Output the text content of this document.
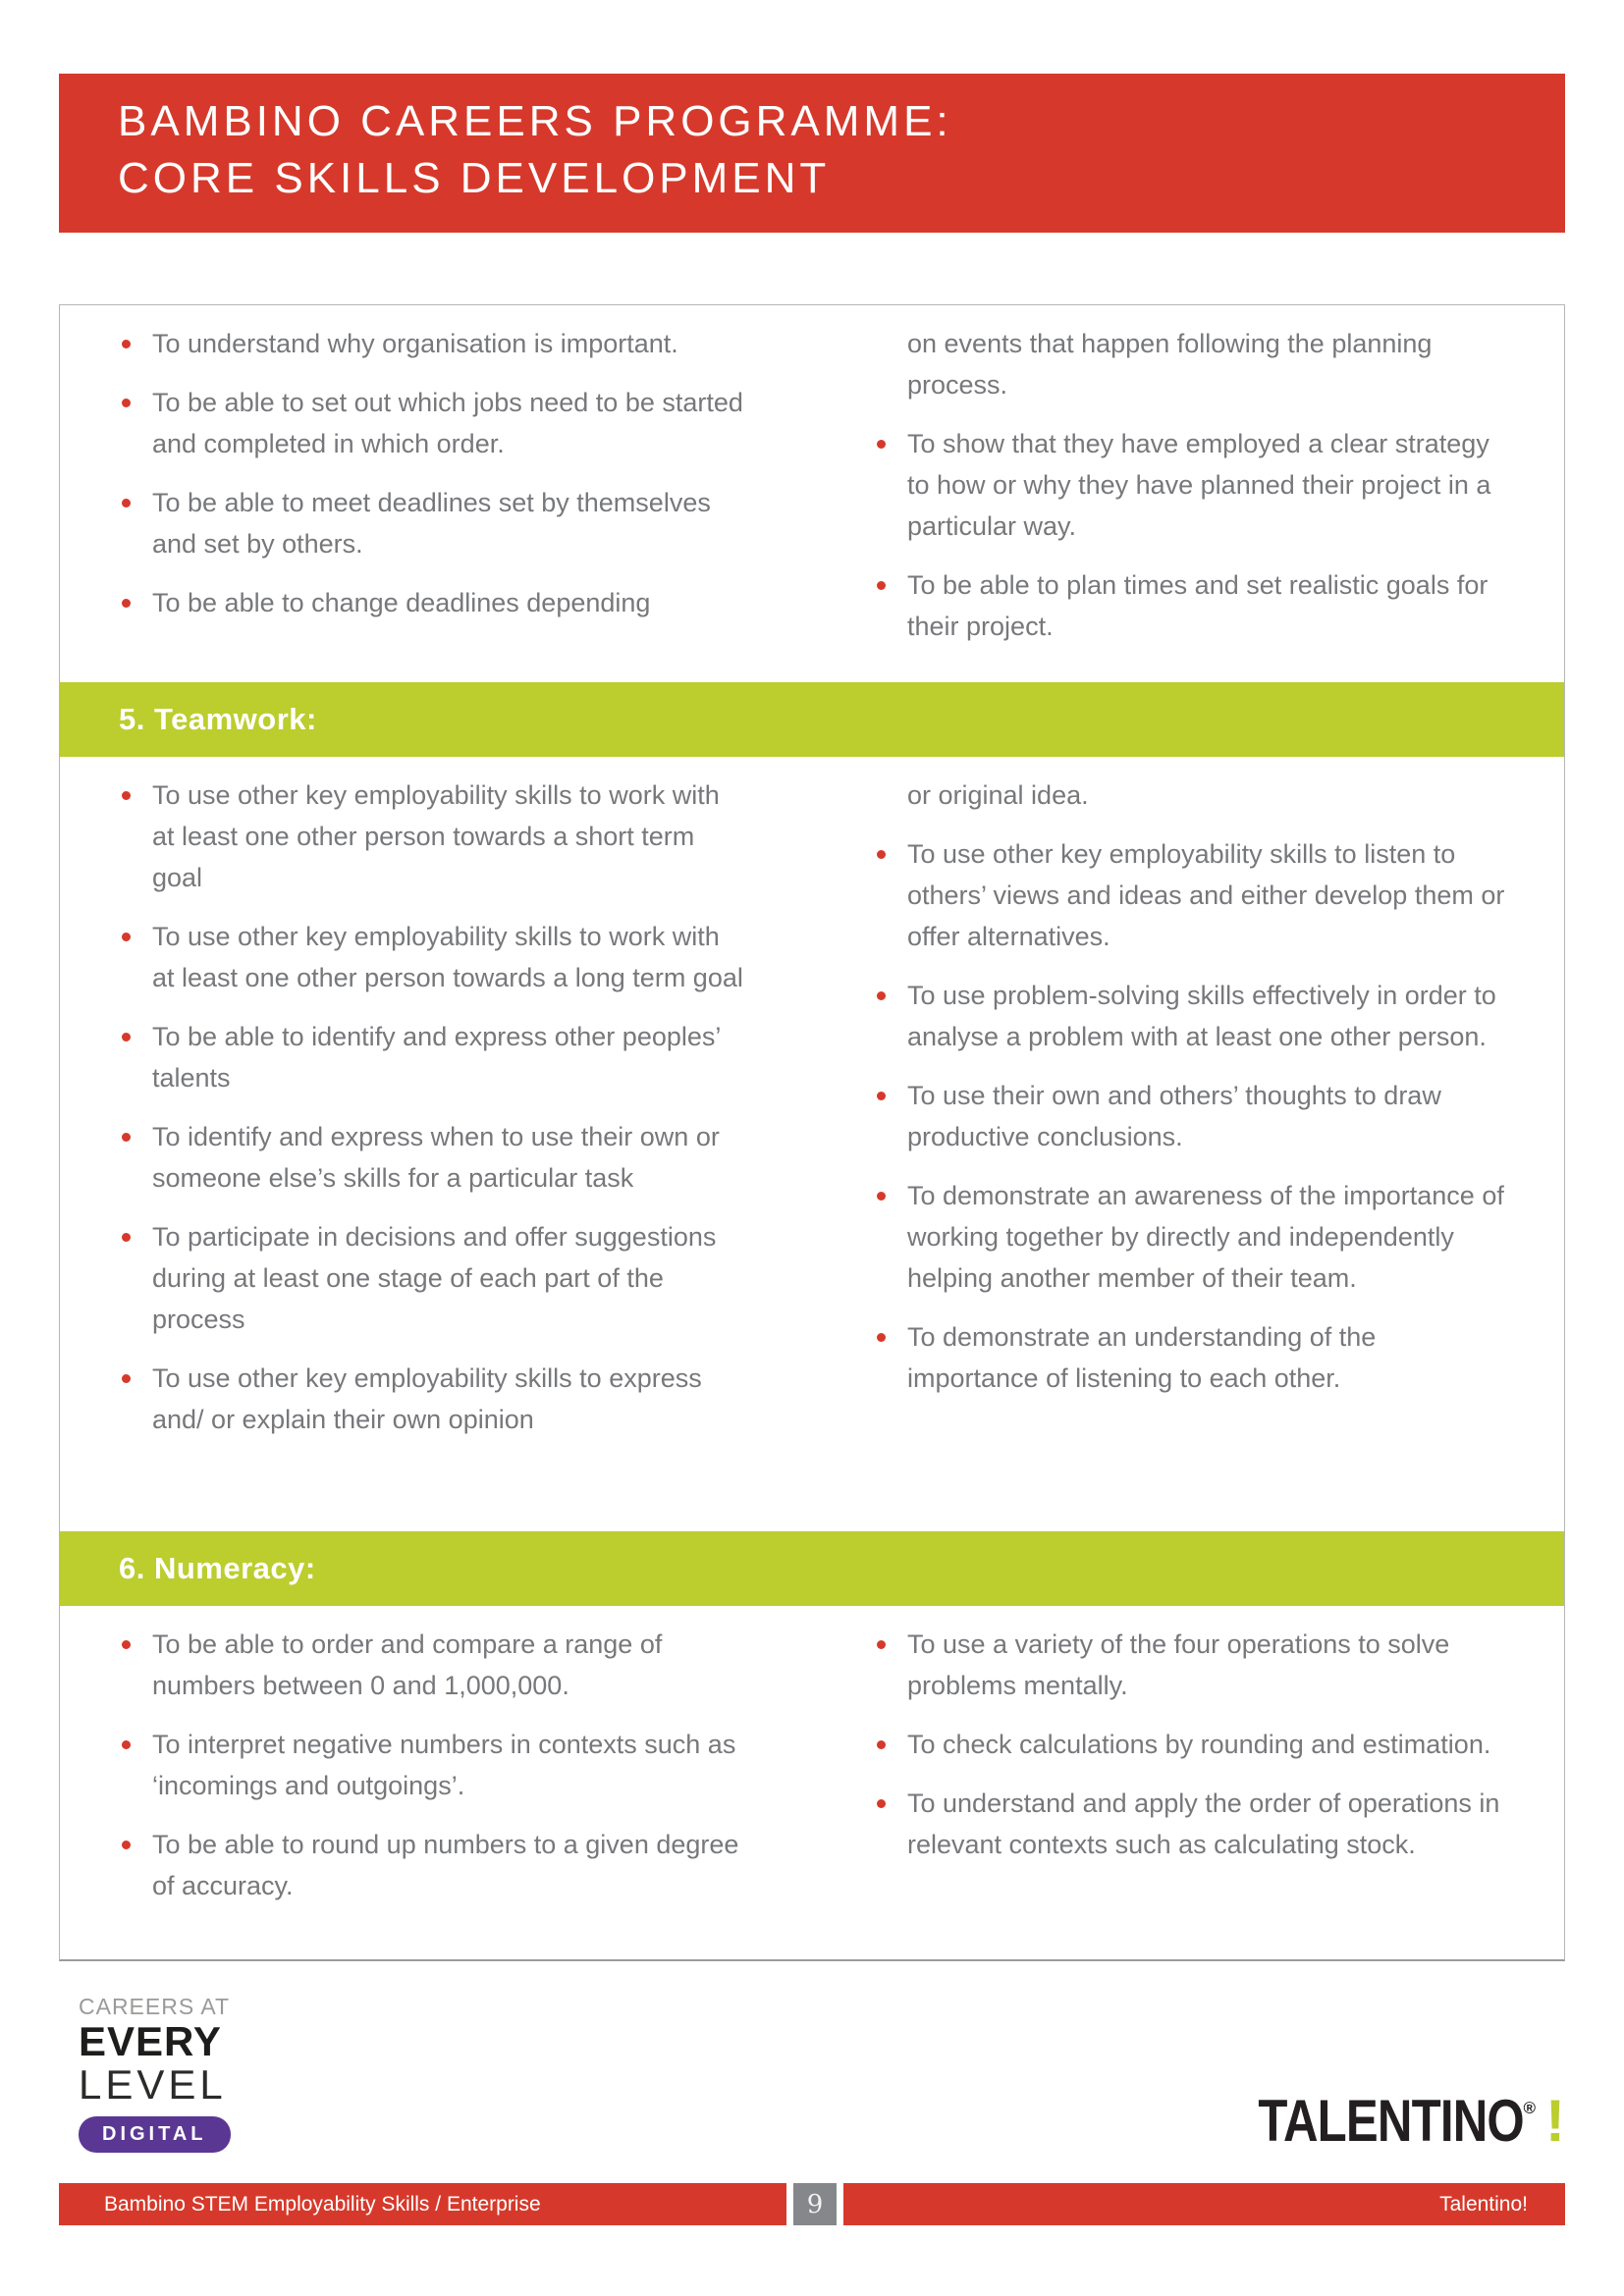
BAMBINO CAREERS PROGRAMME:
CORE SKILLS DEVELOPMENT
To understand why organisation is important.
To be able to set out which jobs need to be started and completed in which order.
To be able to meet deadlines set by themselves and set by others.
To be able to change deadlines depending
on events that happen following the planning process.
To show that they have employed a clear strategy to how or why they have planned their project in a particular way.
To be able to plan times and set realistic goals for their project.
5. Teamwork:
To use other key employability skills to work with at least one other person towards a short term goal
To use other key employability skills to work with at least one other person towards a long term goal
To be able to identify and express other peoples’ talents
To identify and express when to use their own or someone else’s skills for a particular task
To participate in decisions and offer suggestions during at least one stage of each part of the process
To use other key employability skills to express and/ or explain their own opinion
or original idea.
To use other key employability skills to listen to others’ views and ideas and either develop them or offer alternatives.
To use problem-solving skills effectively in order to analyse a problem with at least one other person.
To use their own and others’ thoughts to draw productive conclusions.
To demonstrate an awareness of the importance of working together by directly and independently helping another member of their team.
To demonstrate an understanding of the importance of listening to each other.
6. Numeracy:
To be able to order and compare a range of numbers between 0 and 1,000,000.
To interpret negative numbers in contexts such as ‘incomings and outgoings’.
To be able to round up numbers to a given degree of accuracy.
To use a variety of the four operations to solve problems mentally.
To check calculations by rounding and estimation.
To understand and apply the order of operations in relevant contexts such as calculating stock.
CAREERS AT
EVERY
LEVEL
DIGITAL	TALENTINO® !
Bambino STEM Employability Skills / Enterprise	9	Talentino!
